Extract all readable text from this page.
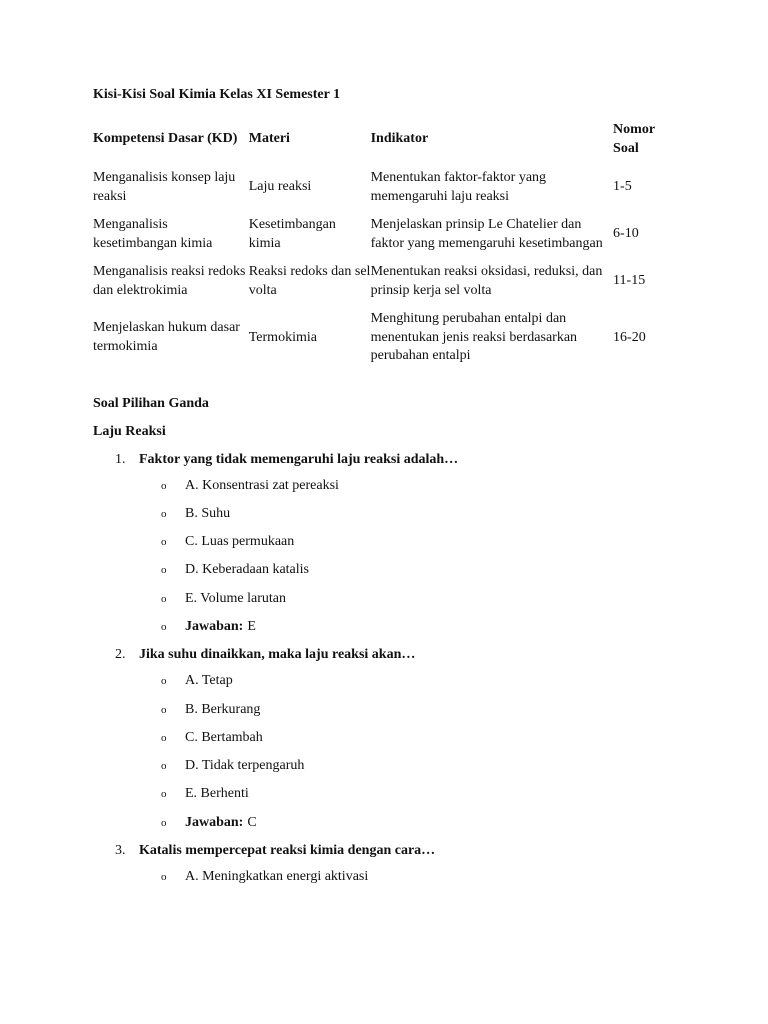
Kisi-Kisi Soal Kimia Kelas XI Semester 1

Kompetensi Dasar (KD)	Materi	Indikator	Nomor Soal
Menganalisis konsep laju reaksi	Laju reaksi	Menentukan faktor-faktor yang memengaruhi laju reaksi	1-5
Menganalisis kesetimbangan kimia	Kesetimbangan kimia	Menjelaskan prinsip Le Chatelier dan faktor yang memengaruhi kesetimbangan	6-10
Menganalisis reaksi redoks dan elektrokimia	Reaksi redoks dan sel volta	Menentukan reaksi oksidasi, reduksi, dan prinsip kerja sel volta	11-15
Menjelaskan hukum dasar termokimia	Termokimia	Menghitung perubahan entalpi dan menentukan jenis reaksi berdasarkan perubahan entalpi	16-20

Soal Pilihan Ganda

Laju Reaksi

1. Faktor yang tidak memengaruhi laju reaksi adalah…
o	A. Konsentrasi zat pereaksi
o	B. Suhu
o	C. Luas permukaan
o	D. Keberadaan katalis
o	E. Volume larutan
o	Jawaban: E
2. Jika suhu dinaikkan, maka laju reaksi akan…
o	A. Tetap
o	B. Berkurang
o	C. Bertambah
o	D. Tidak terpengaruh
o	E. Berhenti
o	Jawaban: C
3. Katalis mempercepat reaksi kimia dengan cara…
o	A. Meningkatkan energi aktivasi
